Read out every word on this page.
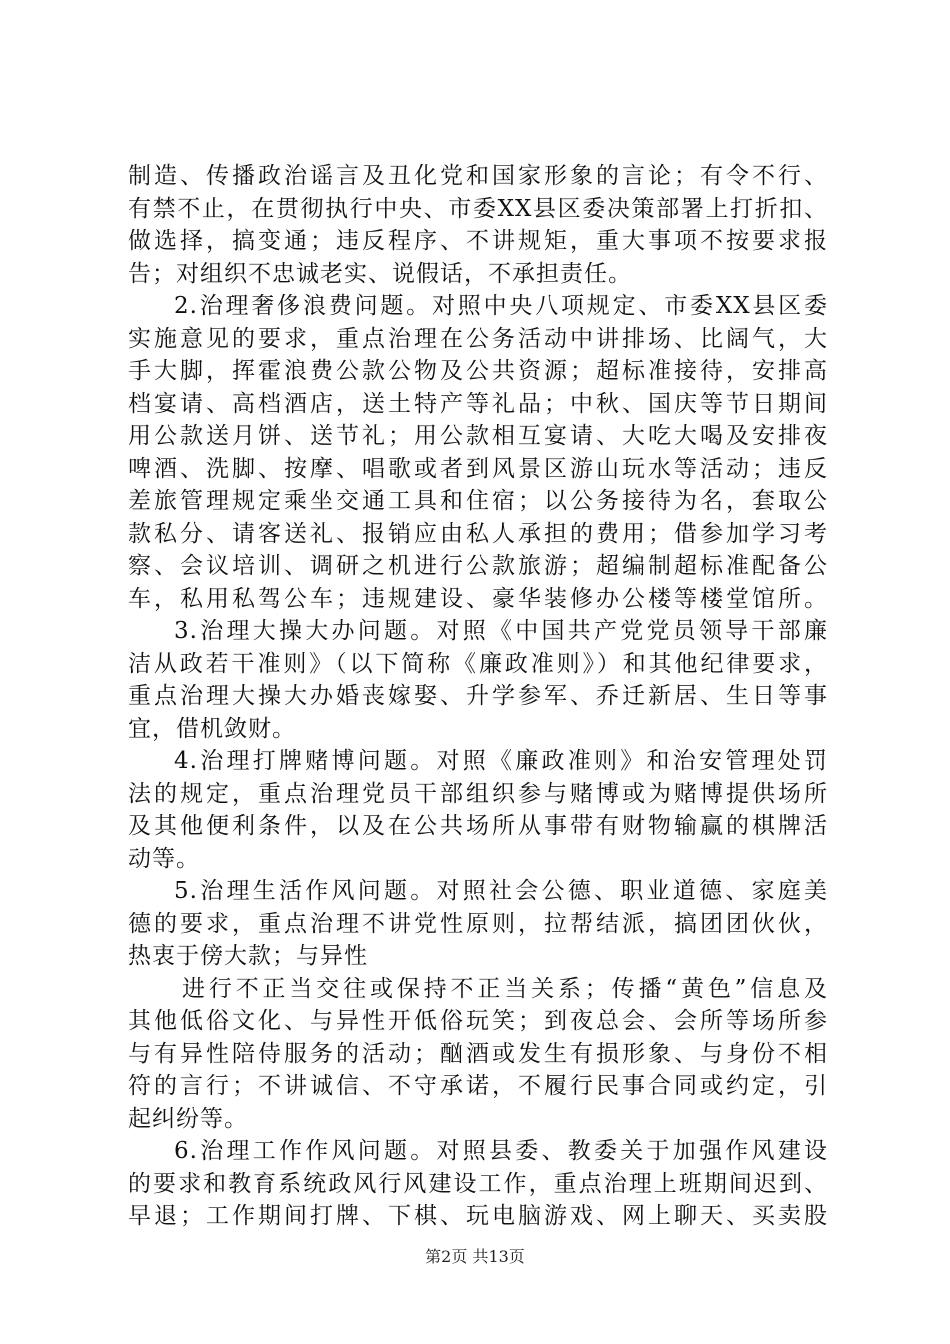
制造、传播政治谣言及丑化党和国家形象的言论；有令不行、
有禁不止，在贯彻执行中央、市委XX县区委决策部署上打折扣、
做选择，搞变通；违反程序、不讲规矩，重大事项不按要求报
告；对组织不忠诚老实、说假话，不承担责任。
2.治理奢侈浪费问题。对照中央八项规定、市委XX县区委
实施意见的要求，重点治理在公务活动中讲排场、比阔气，大
手大脚，挥霍浪费公款公物及公共资源；超标准接待，安排高
档宴请、高档酒店，送土特产等礼品；中秋、国庆等节日期间
用公款送月饼、送节礼；用公款相互宴请、大吃大喝及安排夜
啤酒、洗脚、按摩、唱歌或者到风景区游山玩水等活动；违反
差旅管理规定乘坐交通工具和住宿；以公务接待为名，套取公
款私分、请客送礼、报销应由私人承担的费用；借参加学习考
察、会议培训、调研之机进行公款旅游；超编制超标准配备公
车，私用私驾公车；违规建设、豪华装修办公楼等楼堂馆所。
3.治理大操大办问题。对照《中国共产党党员领导干部廉
洁从政若干准则》（以下简称《廉政准则》）和其他纪律要求，
重点治理大操大办婚丧嫁娶、升学参军、乔迁新居、生日等事
宜，借机敛财。
4.治理打牌赌博问题。对照《廉政准则》和治安管理处罚
法的规定，重点治理党员干部组织参与赌博或为赌博提供场所
及其他便利条件，以及在公共场所从事带有财物输赢的棋牌活
动等。
5.治理生活作风问题。对照社会公德、职业道德、家庭美
德的要求，重点治理不讲党性原则，拉帮结派，搞团团伙伙，
热衷于傍大款；与异性
进行不正当交往或保持不正当关系；传播“黄色”信息及
其他低俗文化、与异性开低俗玩笑；到夜总会、会所等场所参
与有异性陪侍服务的活动；酗酒或发生有损形象、与身份不相
符的言行；不讲诚信、不守承诺，不履行民事合同或约定，引
起纠纷等。
6.治理工作作风问题。对照县委、教委关于加强作风建设
的要求和教育系统政风行风建设工作，重点治理上班期间迟到、
早退；工作期间打牌、下棋、玩电脑游戏、网上聊天、买卖股
第2页 共13页
